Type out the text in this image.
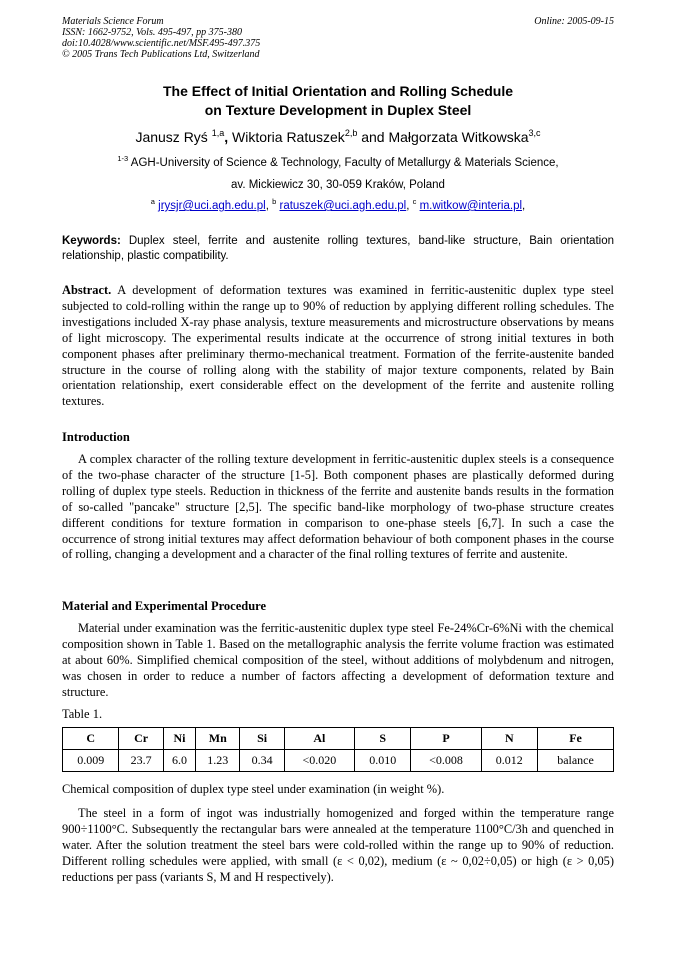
Materials Science Forum
ISSN: 1662-9752, Vols. 495-497, pp 375-380
doi:10.4028/www.scientific.net/MSF.495-497.375
© 2005 Trans Tech Publications Ltd, Switzerland
Online: 2005-09-15
The Effect of Initial Orientation and Rolling Schedule
on Texture Development in Duplex Steel
Janusz Ryś $^{1,a}$, Wiktoria Ratuszek$^{2,b}$ and Małgorzata Witkowska$^{3,c}$
$^{1-3}$ AGH-University of Science & Technology, Faculty of Metallurgy & Materials Science,
av. Mickiewicz 30, 30-059 Kraków, Poland
$^a$ jrysjr@uci.agh.edu.pl, $^b$ ratuszek@uci.agh.edu.pl, $^c$ m.witkow@interia.pl,
Keywords: Duplex steel, ferrite and austenite rolling textures, band-like structure, Bain orientation relationship, plastic compatibility.
Abstract. A development of deformation textures was examined in ferritic-austenitic duplex type steel subjected to cold-rolling within the range up to 90% of reduction by applying different rolling schedules. The investigations included X-ray phase analysis, texture measurements and microstructure observations by means of light microscopy. The experimental results indicate at the occurrence of strong initial textures in both component phases after preliminary thermo-mechanical treatment. Formation of the ferrite-austenite banded structure in the course of rolling along with the stability of major texture components, related by Bain orientation relationship, exert considerable effect on the development of the ferrite and austenite rolling textures.
Introduction
A complex character of the rolling texture development in ferritic-austenitic duplex steels is a consequence of the two-phase character of the structure [1-5]. Both component phases are plastically deformed during rolling of duplex type steels. Reduction in thickness of the ferrite and austenite bands results in the formation of so-called "pancake" structure [2,5]. The specific band-like morphology of two-phase structure creates different conditions for texture formation in comparison to one-phase steels [6,7]. In such a case the occurrence of strong initial textures may affect deformation behaviour of both component phases in the course of rolling, changing a development and a character of the final rolling textures of ferrite and austenite.
Material and Experimental Procedure
Material under examination was the ferritic-austenitic duplex type steel Fe-24%Cr-6%Ni with the chemical composition shown in Table 1. Based on the metallographic analysis the ferrite volume fraction was estimated at about 60%. Simplified chemical composition of the steel, without additions of molybdenum and nitrogen, was chosen in order to reduce a number of factors affecting a development of deformation texture and structure.
Table 1.
C	Cr	Ni	Mn	Si	Al	S	P	N	Fe
0.009	23.7	6.0	1.23	0.34	<0.020	0.010	<0.008	0.012	balance
Chemical composition of duplex type steel under examination (in weight %).
The steel in a form of ingot was industrially homogenized and forged within the temperature range 900÷1100°C. Subsequently the rectangular bars were annealed at the temperature 1100°C/3h and quenched in water. After the solution treatment the steel bars were cold-rolled within the range up to 90% of reduction. Different rolling schedules were applied, with small (ε < 0,02), medium (ε ~ 0,02÷0,05) or high (ε > 0,05) reductions per pass (variants S, M and H respectively).
